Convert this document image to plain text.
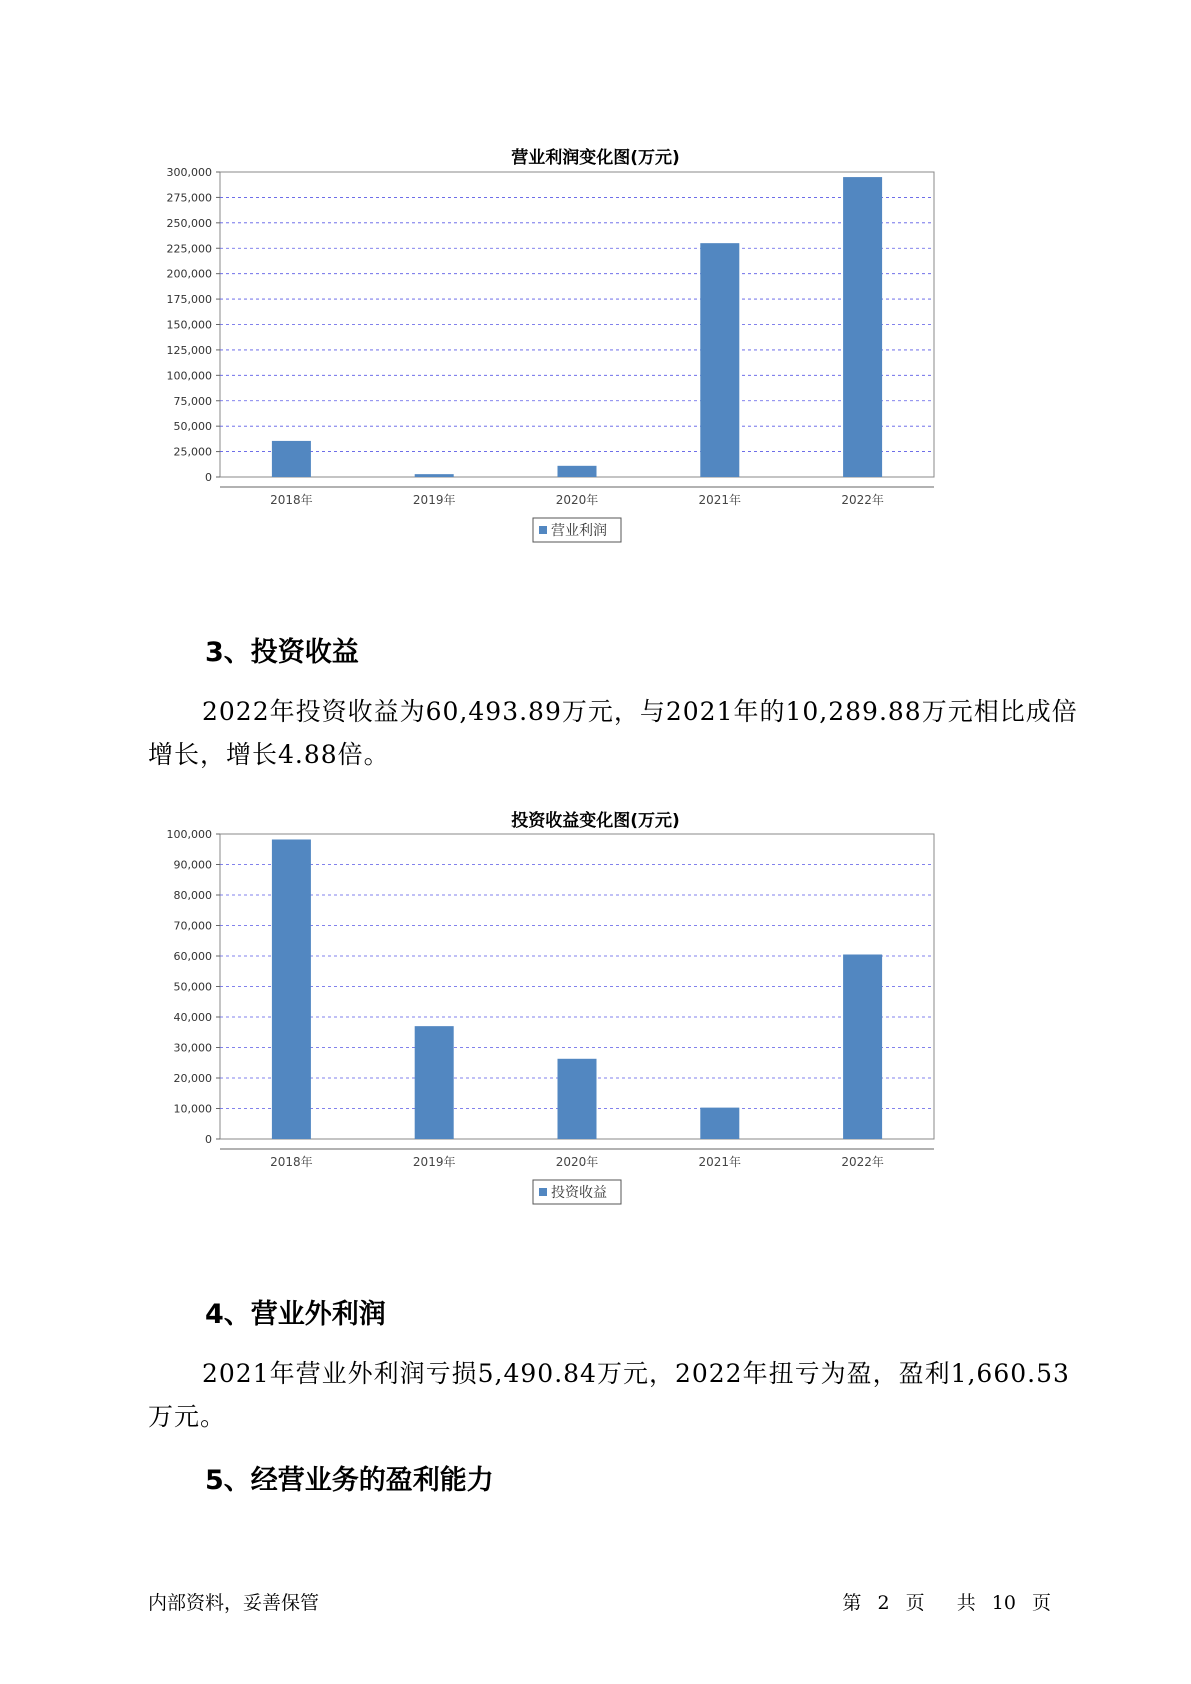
营业利润变化图(万元)
0
25,000
50,000
75,000
100,000
125,000
150,000
175,000
200,000
225,000
250,000
275,000
300,000
2018年	2019年	2020年	2021年	2022年
营业利润
3、投资收益

2022年投资收益为60,493.89万元，与2021年的10,289.88万元相比成倍增长，增长4.88倍。

投资收益变化图(万元)
0
10,000
20,000
30,000
40,000
50,000
60,000
70,000
80,000
90,000
100,000
2018年	2019年	2020年	2021年	2022年
投资收益
4、营业外利润

2021年营业外利润亏损5,490.84万元，2022年扭亏为盈，盈利1,660.53万元。

5、经营业务的盈利能力
内部资料，妥善保管	第 2 页 共 10 页
